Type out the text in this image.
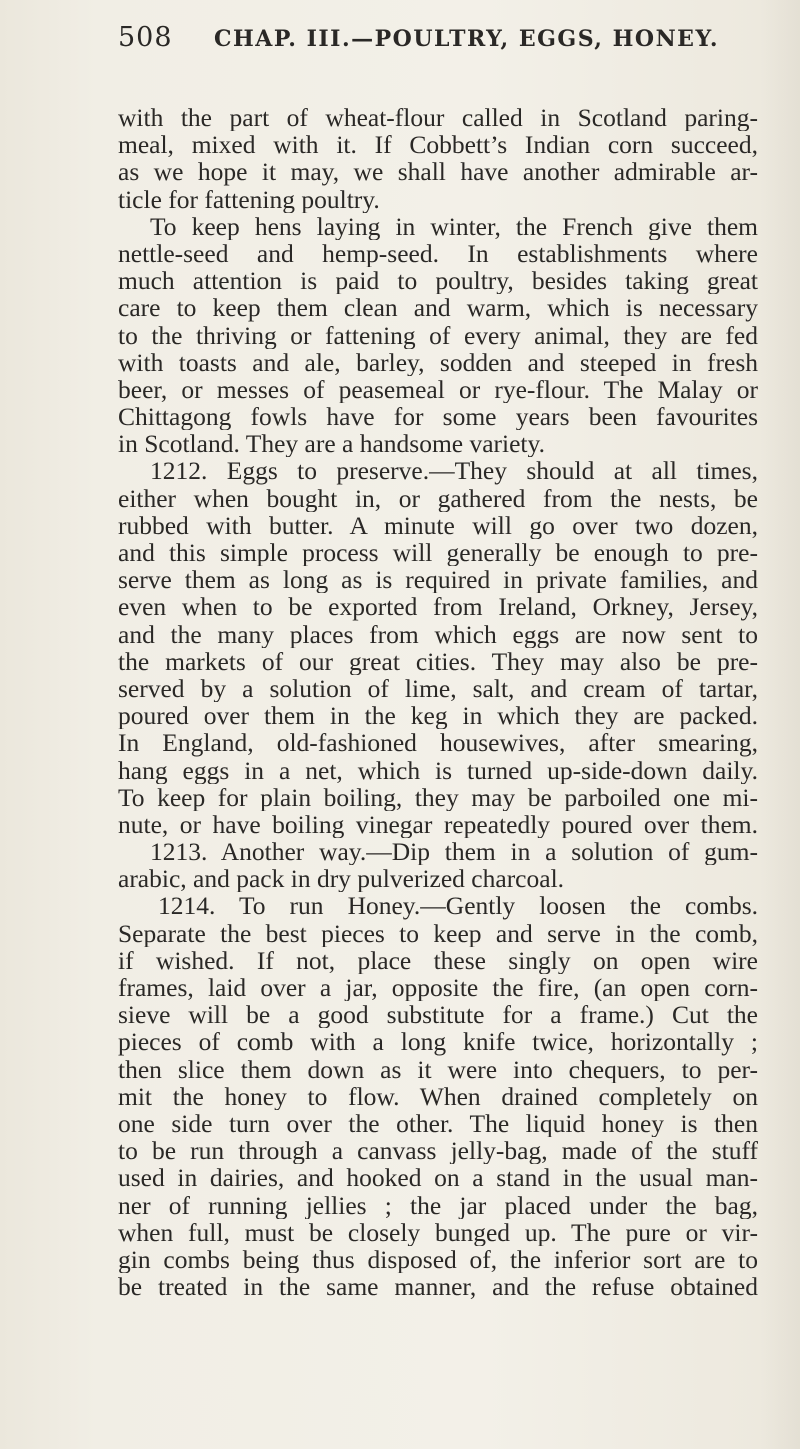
508	CHAP. III.—POULTRY, EGGS, HONEY.
with the part of wheat-flour called in Scotland paring-
meal, mixed with it. If Cobbett’s Indian corn succeed,
as we hope it may, we shall have another admirable ar-
ticle for fattening poultry.
To keep hens laying in winter, the French give them
nettle-seed and hemp-seed. In establishments where
much attention is paid to poultry, besides taking great
care to keep them clean and warm, which is necessary
to the thriving or fattening of every animal, they are fed
with toasts and ale, barley, sodden and steeped in fresh
beer, or messes of peasemeal or rye-flour. The Malay or
Chittagong fowls have for some years been favourites
in Scotland. They are a handsome variety.
1212. Eggs to preserve.—They should at all times,
either when bought in, or gathered from the nests, be
rubbed with butter. A minute will go over two dozen,
and this simple process will generally be enough to pre-
serve them as long as is required in private families, and
even when to be exported from Ireland, Orkney, Jersey,
and the many places from which eggs are now sent to
the markets of our great cities. They may also be pre-
served by a solution of lime, salt, and cream of tartar,
poured over them in the keg in which they are packed.
In England, old-fashioned housewives, after smearing,
hang eggs in a net, which is turned up-side-down daily.
To keep for plain boiling, they may be parboiled one mi-
nute, or have boiling vinegar repeatedly poured over them.
1213. Another way.—Dip them in a solution of gum-
arabic, and pack in dry pulverized charcoal.
1214. To run Honey.—Gently loosen the combs.
Separate the best pieces to keep and serve in the comb,
if wished. If not, place these singly on open wire
frames, laid over a jar, opposite the fire, (an open corn-
sieve will be a good substitute for a frame.) Cut the
pieces of comb with a long knife twice, horizontally ;
then slice them down as it were into chequers, to per-
mit the honey to flow. When drained completely on
one side turn over the other. The liquid honey is then
to be run through a canvass jelly-bag, made of the stuff
used in dairies, and hooked on a stand in the usual man-
ner of running jellies ; the jar placed under the bag,
when full, must be closely bunged up. The pure or vir-
gin combs being thus disposed of, the inferior sort are to
be treated in the same manner, and the refuse obtained
